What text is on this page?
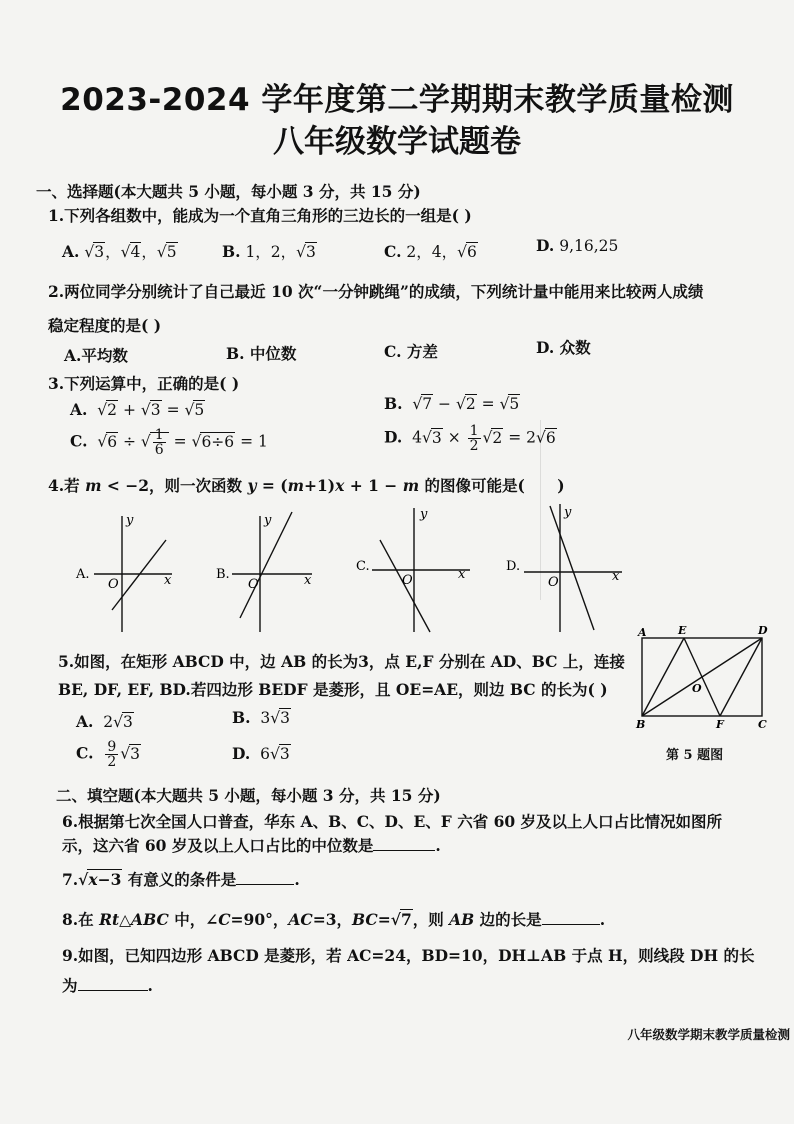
2023-2024 学年度第二学期期末教学质量检测
八年级数学试题卷
一、选择题(本大题共 5 小题，每小题 3 分，共 15 分)
1.下列各组数中，能成为一个直角三角形的三边长的一组是( )
A. √3，√4，√5	B. 1，2，√3	C. 2，4，√6	D. 9,16,25
2.两位同学分别统计了自己最近 10 次“一分钟跳绳”的成绩，下列统计量中能用来比较两人成绩
稳定程度的是( )
A.平均数	B. 中位数	C. 方差	D. 众数
3.下列运算中，正确的是( )
A.  √2 + √3 = √5	B.  √7 − √2 = √5
C.  √6 ÷ √ $\frac{1}{6} = √6\div 6 = 1$	D.  $4√3 \times \frac{1}{2} √2 = 2√6$
4.若 m < −2，则一次函数 y = (m+1)x + 1 − m 的图像可能是(      )
A.
y
x
O
B.
y
x
O
C.
y
x
O
D.
y
x
O
5.如图，在矩形 ABCD 中，边 AB 的长为3，点 E,F 分别在 AD、BC 上，连接
BE, DF, EF, BD.若四边形 BEDF 是菱形，且 OE=AE，则边 BC 的长为( )
A.  2√3	B.  3√3
C. $\frac{9}{2} √3$	D.  6√3
A	E	D
O
B	F	C
第 5 题图
二、填空题(本大题共 5 小题，每小题 3 分，共 15 分)
6.根据第七次全国人口普查，华东 A、B、C、D、E、F 六省 60 岁及以上人口占比情况如图所
示，这六省 60 岁及以上人口占比的中位数是	.
7.√x−3 有意义的条件是	.
8.在 Rt△ABC 中，∠C=90°，AC=3，BC=√7，则 AB 边的长是	.
9.如图，已知四边形 ABCD 是菱形，若 AC=24，BD=10，DH⊥AB 于点 H，则线段 DH 的长
为	.
八年级数学期末教学质量检测
